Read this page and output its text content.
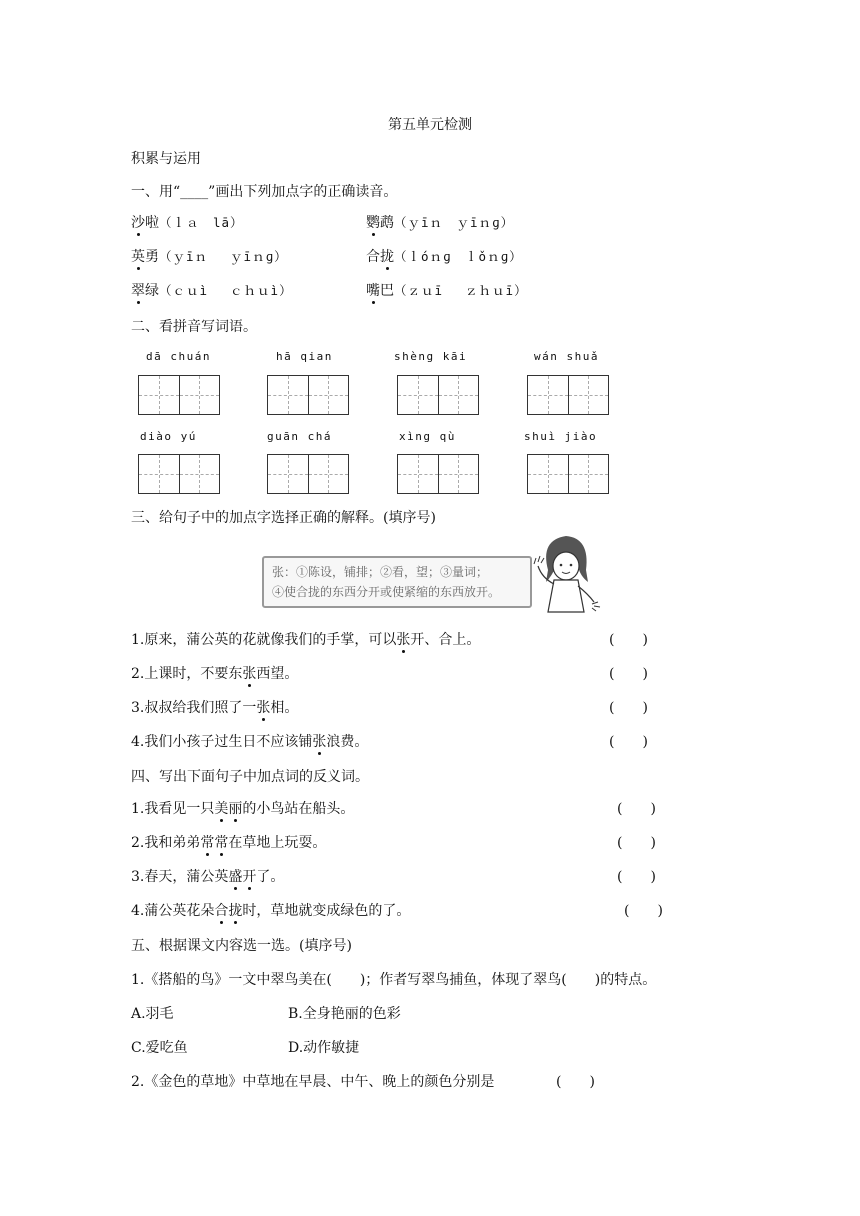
第五单元检测
积累与运用
一、用“____”画出下列加点字的正确读音。
沙啦（ｌａ　lā）	鹦鹉（ｙīｎ　ｙīｎɡ）
英勇（ｙīｎ　 ｙīｎɡ）	合拢（ｌóｎɡ　ｌǒｎɡ）
翠绿（ｃｕì　 ｃｈｕì）	嘴巴（ｚｕī　 ｚｈｕī）
二、看拼音写词语。
dā chuán	hā qian	shèng kāi	wán shuǎ
diào yú	guān chá	xìng qù	shuì jiào
三、给句子中的加点字选择正确的解释。(填序号)
张：①陈设，铺排；②看，望；③量词；
④使合拢的东西分开或使紧缩的东西放开。
1.原来，蒲公英的花就像我们的手掌，可以张开、合上。	(　　)
2.上课时，不要东张西望。	(　　)
3.叔叔给我们照了一张相。	(　　)
4.我们小孩子过生日不应该铺张浪费。	(　　)
四、写出下面句子中加点词的反义词。
1.我看见一只美丽的小鸟站在船头。	(　　)
2.我和弟弟常常在草地上玩耍。	(　　)
3.春天，蒲公英盛开了。	(　　)
4.蒲公英花朵合拢时，草地就变成绿色的了。	(　　)
五、根据课文内容选一选。(填序号)
1.《搭船的鸟》一文中翠鸟美在(　　)；作者写翠鸟捕鱼，体现了翠鸟(　　)的特点。
A.羽毛	B.全身艳丽的色彩
C.爱吃鱼	D.动作敏捷
2.《金色的草地》中草地在早晨、中午、晚上的颜色分别是	(　　)
